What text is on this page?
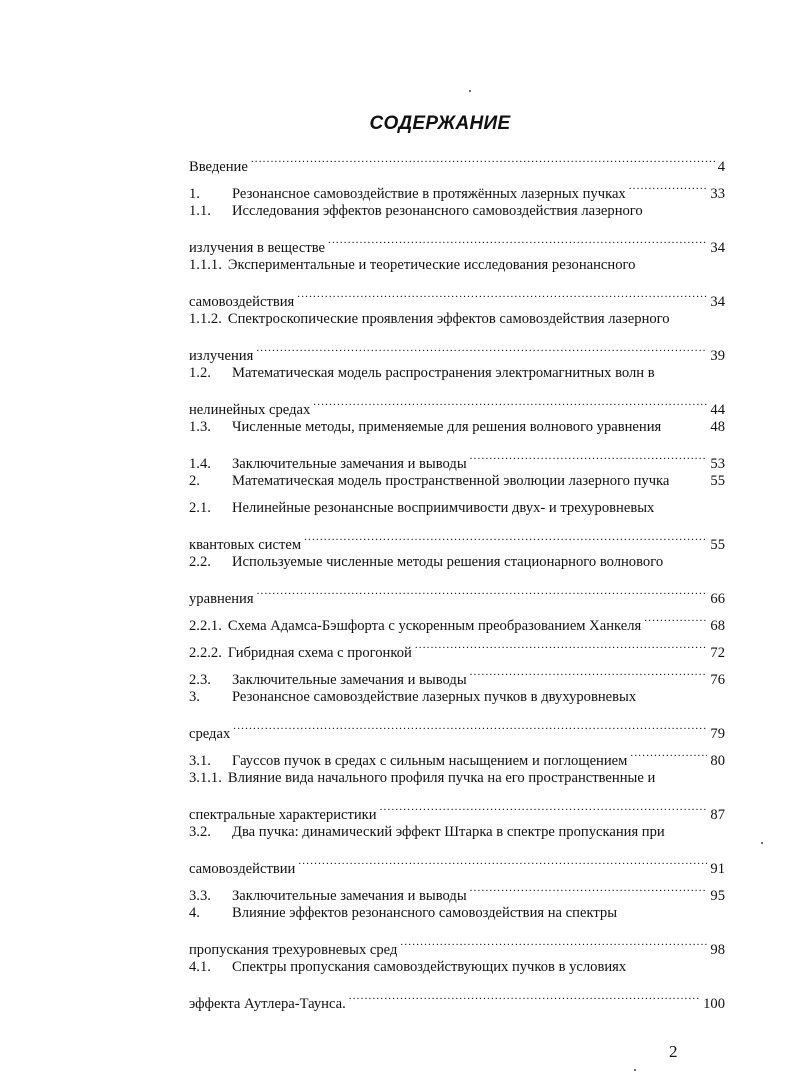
СОДЕРЖАНИЕ
Введение .....	4
1.	Резонансное самовоздействие в протяжённых лазерных пучках .....	33
1.1.	Исследования эффектов резонансного самовоздействия лазерного
излучения в веществе .....	34
1.1.1. Экспериментальные и теоретические исследования резонансного
самовоздействия .....	34
1.1.2. Спектроскопические проявления эффектов самовоздействия лазерного
излучения .....	39
1.2.	Математическая модель распространения электромагнитных волн в
нелинейных средах .....	44
1.3.	Численные методы, применяемые для решения волнового уравнения	48
1.4.	Заключительные замечания и выводы .....	53
2.	Математическая модель пространственной эволюции лазерного пучка	55
2.1.	Нелинейные резонансные восприимчивости двух- и трехуровневых
квантовых систем .....	55
2.2.	Используемые численные методы решения стационарного волнового
уравнения .....	66
2.2.1. Схема Адамса-Бэшфорта с ускоренным преобразованием Ханкеля .....	68
2.2.2. Гибридная схема с прогонкой .....	72
2.3.	Заключительные замечания и выводы .....	76
3.	Резонансное самовоздействие лазерных пучков в двухуровневых
средах .....	79
3.1.	Гауссов пучок в средах с сильным насыщением и поглощением .....	80
3.1.1. Влияние вида начального профиля пучка на его пространственные и
спектральные характеристики .....	87
3.2.	Два пучка: динамический эффект Штарка в спектре пропускания при
самовоздействии .....	91
3.3.	Заключительные замечания и выводы .....	95
4.	Влияние эффектов резонансного самовоздействия на спектры
пропускания трехуровневых сред .....	98
4.1.	Спектры пропускания самовоздействующих пучков в условиях
эффекта Аутлера-Таунса. .....	100
2
